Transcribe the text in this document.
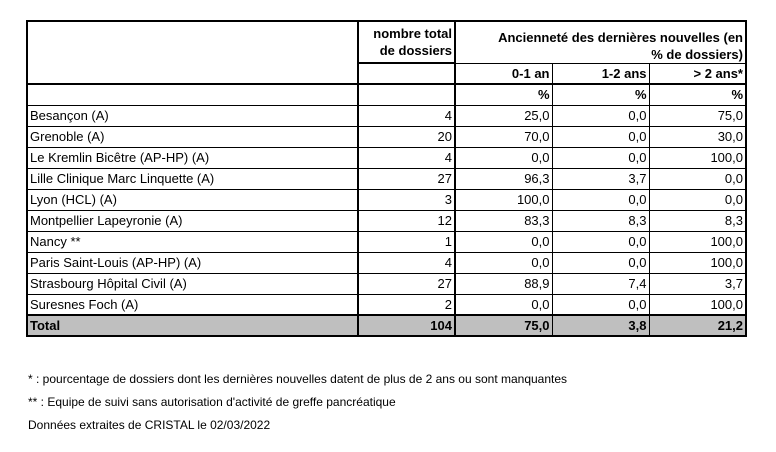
	nombre total
de dossiers	Ancienneté des dernières nouvelles (en
% de dossiers)		

		0-1 an	1-2 ans	> 2 ans*
		%	%	%
Besançon (A)	4	25,0	0,0	75,0
Grenoble (A)	20	70,0	0,0	30,0
Le Kremlin Bicêtre (AP-HP) (A)	4	0,0	0,0	100,0
Lille Clinique Marc Linquette (A)	27	96,3	3,7	0,0
Lyon (HCL) (A)	3	100,0	0,0	0,0
Montpellier Lapeyronie (A)	12	83,3	8,3	8,3
Nancy **	1	0,0	0,0	100,0
Paris Saint-Louis (AP-HP) (A)	4	0,0	0,0	100,0
Strasbourg Hôpital Civil (A)	27	88,9	7,4	3,7
Suresnes Foch (A)	2	0,0	0,0	100,0
Total	104	75,0	3,8	21,2
* : pourcentage de dossiers dont les dernières nouvelles datent de plus de 2 ans ou sont manquantes
** : Equipe de suivi sans autorisation d'activité de greffe pancréatique
Données extraites de CRISTAL le 02/03/2022
